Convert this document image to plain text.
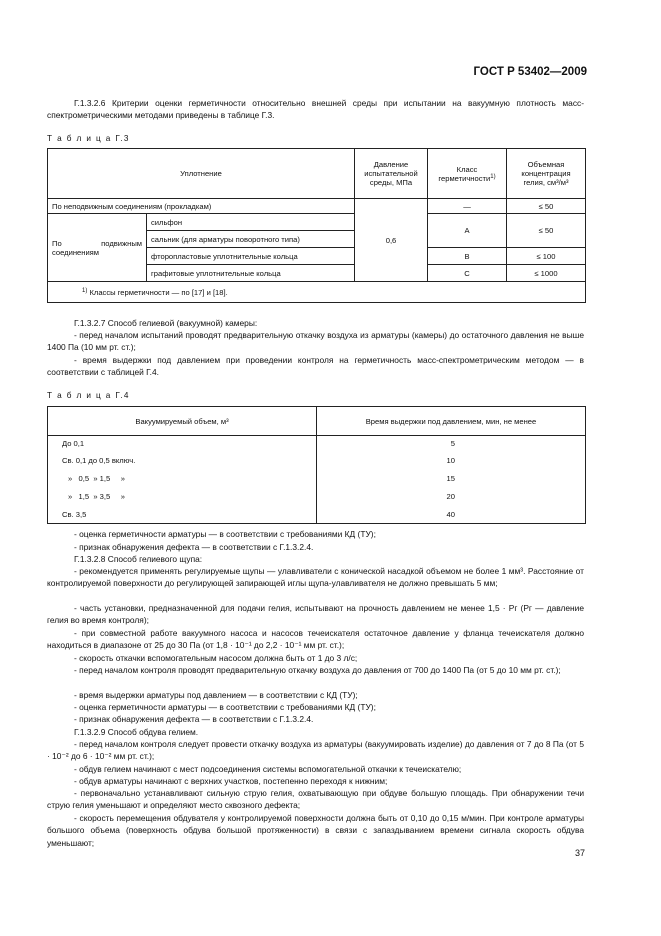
ГОСТ Р 53402—2009
Г.1.3.2.6 Критерии оценки герметичности относительно внешней среды при испытании на вакуумную плотность масс-спектрометрическими методами приведены в таблице Г.3.
Т а б л и ц а Г.3
Уплотнение		Давление испытательной среды, МПа	Класс герметичности$^{1)}$	Объемная концентрация гелия, см³/м³
По неподвижным соединениям (прокладкам)		0,6	—	≤ 50
По подвижным соединениям	сильфон		А	≤ 50
	сальник (для арматуры поворотного типа)			
	фторопластовые уплотнительные кольца		В	≤ 100
	графитовые уплотнительные кольца		С	≤ 1000
$^{1)}$ Классы герметичности — по [17] и [18].				
Г.1.3.2.7 Способ гелиевой (вакуумной) камеры:
- перед началом испытаний проводят предварительную откачку воздуха из арматуры (камеры) до остаточного давления не выше 1400 Па (10 мм рт. ст.);
- время выдержки под давлением при проведении контроля на герметичность масс-спектрометрическим методом — в соответствии с таблицей Г.4.
Т а б л и ц а Г.4
Вакуумируемый объем, м³	Время выдержки под давлением, мин, не менее
До 0,1	5
Св. 0,1 до 0,5 включ.	10
»   0,5  » 1,5     »	15
»   1,5  » 3,5     »	20
Св. 3,5	40
- оценка герметичности арматуры — в соответствии с требованиями КД (ТУ);
- признак обнаружения дефекта — в соответствии с Г.1.3.2.4.
Г.1.3.2.8 Способ гелиевого щупа:
- рекомендуется применять регулируемые щупы — улавливатели с конической насадкой объемом не более 1 мм³. Расстояние от контролируемой поверхности до регулирующей запирающей иглы щупа-улавливателя не должно превышать 5 мм;
- часть установки, предназначенной для подачи гелия, испытывают на прочность давлением не менее 1,5 · Pг (Pг — давление гелия во время контроля);
- при совместной работе вакуумного насоса и насосов течеискателя остаточное давление у фланца течеискателя должно находиться в диапазоне от 25 до 30 Па (от 1,8 · 10⁻¹ до 2,2 · 10⁻¹ мм рт. ст.);
- скорость откачки вспомогательным насосом должна быть от 1 до 3 л/с;
- перед началом контроля проводят предварительную откачку воздуха до давления от 700 до 1400 Па (от 5 до 10 мм рт. ст.);
- время выдержки арматуры под давлением — в соответствии с КД (ТУ);
- оценка герметичности арматуры — в соответствии с требованиями КД (ТУ);
- признак обнаружения дефекта — в соответствии с Г.1.3.2.4.
Г.1.3.2.9 Способ обдува гелием.
- перед началом контроля следует провести откачку воздуха из арматуры (вакуумировать изделие) до давления от 7 до 8 Па (от 5 · 10⁻² до 6 · 10⁻² мм рт. ст.);
- обдув гелием начинают с мест подсоединения системы вспомогательной откачки к течеискателю;
- обдув арматуры начинают с верхних участков, постепенно переходя к нижним;
- первоначально устанавливают сильную струю гелия, охватывающую при обдуве большую площадь. При обнаружении течи струю гелия уменьшают и определяют место сквозного дефекта;
- скорость перемещения обдувателя у контролируемой поверхности должна быть от 0,10 до 0,15 м/мин. При контроле арматуры большого объема (поверхность обдува большой протяженности) в связи с запаздыванием времени сигнала скорость обдува уменьшают;
37
